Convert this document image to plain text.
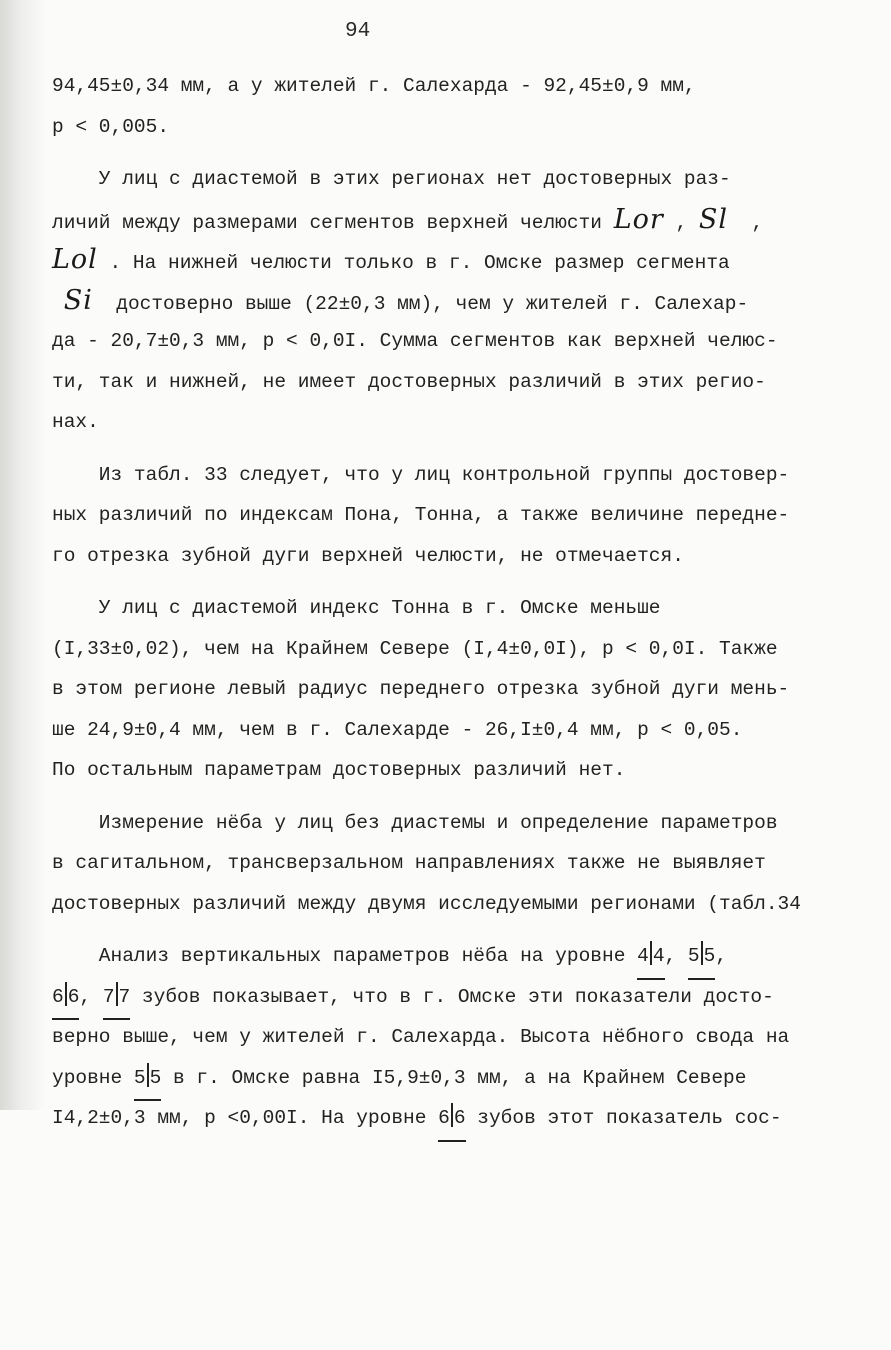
94
94,45±0,34 мм, а у жителей г. Салехарда - 92,45±0,9 мм,
р < 0,005.
У лиц с диастемой в этих регионах нет достоверных раз-
личий между размерами сегментов верхней челюсти Lor , Sl  ,
Lol . На нижней челюсти только в г. Омске размер сегмента
Si  достоверно выше (22±0,3 мм), чем у жителей г. Салехар-
да - 20,7±0,3 мм, р < 0,0I. Сумма сегментов как верхней челюс-
ти, так и нижней, не имеет достоверных различий в этих регио-
нах.
Из табл. 33 следует, что у лиц контрольной группы достовер-
ных различий по индексам Пона, Тонна, а также величине передне-
го отрезка зубной дуги верхней челюсти, не отмечается.
У лиц с диастемой индекс Тонна в г. Омске меньше
(I,33±0,02), чем на Крайнем Севере (I,4±0,0I), р < 0,0I. Также
в этом регионе левый радиус переднего отрезка зубной дуги мень-
ше 24,9±0,4 мм, чем в г. Салехарде - 26,I±0,4 мм, р < 0,05.
По остальным параметрам достоверных различий нет.
Измерение нёба у лиц без диастемы и определение параметров
в сагитальном, трансверзальном направлениях также не выявляет
достоверных различий между двумя исследуемыми регионами (табл.34
Анализ вертикальных параметров нёба на уровне 4 4, 5 5,
6 6, 7 7 зубов показывает, что в г. Омске эти показатели досто-
верно выше, чем у жителей г. Салехарда. Высота нёбного свода на
уровне 5 5 в г. Омске равна I5,9±0,3 мм, а на Крайнем Севере
I4,2±0,3 мм, р <0,00I. На уровне 6 6 зубов этот показатель сос-
